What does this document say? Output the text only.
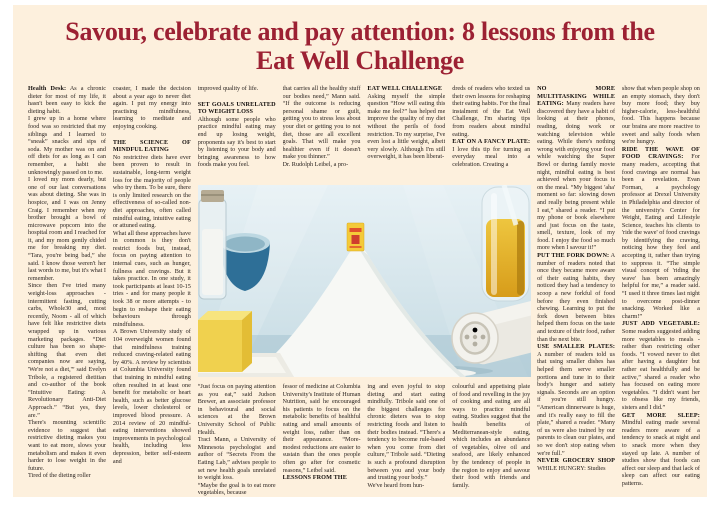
Savour, celebrate and pay attention: 8 lessons from the Eat Well Challenge

Health Desk: As a chronic dieter for most of my life, it hasn't been easy to kick the dieting habit.

I grew up in a home where food was so restricted that my siblings and I learned to “sneak” snacks and sips of soda. My mother was on and off diets for as long as I can remember, a habit she unknowingly passed on to me.

I loved my mom dearly, but one of our last conversations was about dieting. She was in hospice, and I was on Jenny Craig. I remember when my brother brought a bowl of microwave popcorn into the hospital room and I reached for it, and my mom gently chided me for breaking my diet. “Tara, you're being bad,” she said. I know those weren't her last words to me, but it's what I remember.

Since then I've tried many weight-loss approaches - intermittent fasting, cutting carbs, Whole30 and, most recently, Noom - all of which have felt like restrictive diets wrapped up in various marketing packages. “Diet culture has been so shape-shifting that even diet companies now are saying, 'We're not a diet,'” said Evelyn Tribole, a registered dietitian and co-author of the book “Intuitive Eating: A Revolutionary Anti-Diet Approach.” “But yes, they are.”

There's mounting scientific evidence to suggest that restrictive dieting makes you want to eat more, slows your metabolism and makes it even harder to lose weight in the future.

Tired of the dieting roller

coaster, I made the decision about a year ago to never diet again. I put my energy into practising mindfulness, learning to meditate and enjoying cooking.

THE SCIENCE OF MINDFUL EATING

No restrictive diets have ever been proven to result in sustainable, long-term weight loss for the majority of people who try them. To be sure, there is only limited research on the effectiveness of so-called non-diet approaches, often called mindful eating, intuitive eating or attuned eating.

What all these approaches have in common is they don't restrict foods but, instead, focus on paying attention to internal cues, such as hunger, fullness and cravings. But it takes practice. In one study, it took participants at least 10-15 tries - and for many people it took 38 or more attempts - to begin to reshape their eating behaviours through mindfulness.

A Brown University study of 104 overweight women found that mindfulness training reduced craving-related eating by 40%. A review by scientists at Columbia University found that training in mindful eating often resulted in at least one benefit for metabolic or heart health, such as better glucose levels, lower cholesterol or improved blood pressure. A 2014 review of 20 mindful-eating interventions showed improvements in psychological health, including less depression, better self-esteem and

improved quality of life.

SET GOALS UNRELATED TO WEIGHT LOSS

Although some people who practice mindful eating may end up losing weight, proponents say it's best to start by listening to your body and bringing awareness to how foods make you feel.

“Just focus on paying attention as you eat,” said Judson Brewer, an associate professor in behavioural and social sciences at the Brown University School of Public Health.

Traci Mann, a University of Minnesota psychologist and author of “Secrets From the Eating Lab,” advises people to set new health goals unrelated to weight loss.

“Maybe the goal is to eat more vegetables, because

that carries all the healthy stuff our bodies need,” Mann said. “If the outcome is reducing personal shame or guilt, getting you to stress less about your diet or getting you to not diet, those are all excellent goals. That will make you healthier even if it doesn't make you thinner.”

Dr. Rudolph Leibel, a pro-

fessor of medicine at Columbia University's Institute of Human Nutrition, said he encouraged his patients to focus on the metabolic benefits of healthful eating and small amounts of weight loss, rather than on their appearance. “More-modest reductions are easier to sustain than the ones people often go after for cosmetic reasons,” Leibel said.

LESSONS FROM THE

EAT WELL CHALLENGE

Asking myself the simple question “How will eating this make me feel?” has helped me improve the quality of my diet without the perils of food restriction. To my surprise, I've even lost a little weight, albeit very slowly. Although I'm still overweight, it has been liberat-

ing and even joyful to stop dieting and start eating mindfully. Tribole said one of the biggest challenges for chronic dieters was to stop restricting foods and listen to their bodies instead. “There's a tendency to become rule-based when you come from diet culture,” Tribole said. “Dieting is such a profound disruption between you and your body and trusting your body.”

We've heard from hun-

dreds of readers who texted us their own lessons for reshaping their eating habits. For the final instalment of the Eat Well Challenge, I'm sharing tips from readers about mindful eating.

EAT ON A FANCY PLATE: I love this tip for turning an everyday meal into a celebration. Creating a

colourful and appetising plate of food and revelling in the joy of cooking and eating are all ways to practice mindful eating. Studies suggest that the health benefits of Mediterranean-style eating, which includes an abundance of vegetables, olive oil and seafood, are likely enhanced by the tendency of people in the region to enjoy and savour their food with friends and family.

NO MORE MULTITASKING WHILE EATING: Many readers have discovered they have a habit of looking at their phones, reading, doing work or watching television while eating. While there's nothing wrong with enjoying your food while watching the Super Bowl or during family movie night, mindful eating is best achieved when your focus is on the meal. “My biggest 'aha' moment so far: slowing down and really being present while I eat,” shared a reader. “I put my phone or book elsewhere and just focus on the taste, smell, texture, look of my food. I enjoy the food so much more when I savour it!”

PUT THE FORK DOWN: A number of readers noted that once they became more aware of their eating habits, they noticed they had a tendency to scoop a new forkful of food before they even finished chewing. Learning to put the fork down between bites helped them focus on the taste and texture of their food, rather than the next bite.

USE SMALLER PLATES: A number of readers told us that using smaller dishes has helped them serve smaller portions and tune in to their body's hunger and satiety signals. Seconds are an option if you're still hungry. “American dinnerware is huge, and it's really easy to fill the plate,” shared a reader. “Many of us were also trained by our parents to clean our plates, and so we don't stop eating when we're full.”

NEVER GROCERY SHOP WHILE HUNGRY: Studies

show that when people shop on an empty stomach, they don't buy more food; they buy higher-calorie, less-healthful food. This happens because our brains are more reactive to sweet and salty foods when we're hungry.

RIDE THE WAVE OF FOOD CRAVINGS: For many readers, accepting that food cravings are normal has been a revelation. Evan Forman, a psychology professor at Drexel University in Philadelphia and director of the university's Center for Weight, Eating and Lifestyle Science, teaches his clients to 'ride the wave' of food cravings by identifying the craving, noticing how they feel and accepting it, rather than trying to suppress it. “The simple visual concept of 'riding the wave' has been amazingly helpful for me,” a reader said. “I used it three times last night to overcome post-dinner snacking. Worked like a charm!”

JUST ADD VEGETABLE: Some readers suggested adding more vegetables to meals - rather than restricting other foods. “I vowed never to diet after having a daughter but rather eat healthfully and be active,” shared a reader who has focused on eating more vegetables. “I didn't want her to obsess like my friends, sisters and I did.”

GET MORE SLEEP: Mindful eating made several readers more aware of a tendency to snack at night and to snack more when they stayed up late. A number of studies show that foods can affect our sleep and that lack of sleep can affect our eating patterns.
